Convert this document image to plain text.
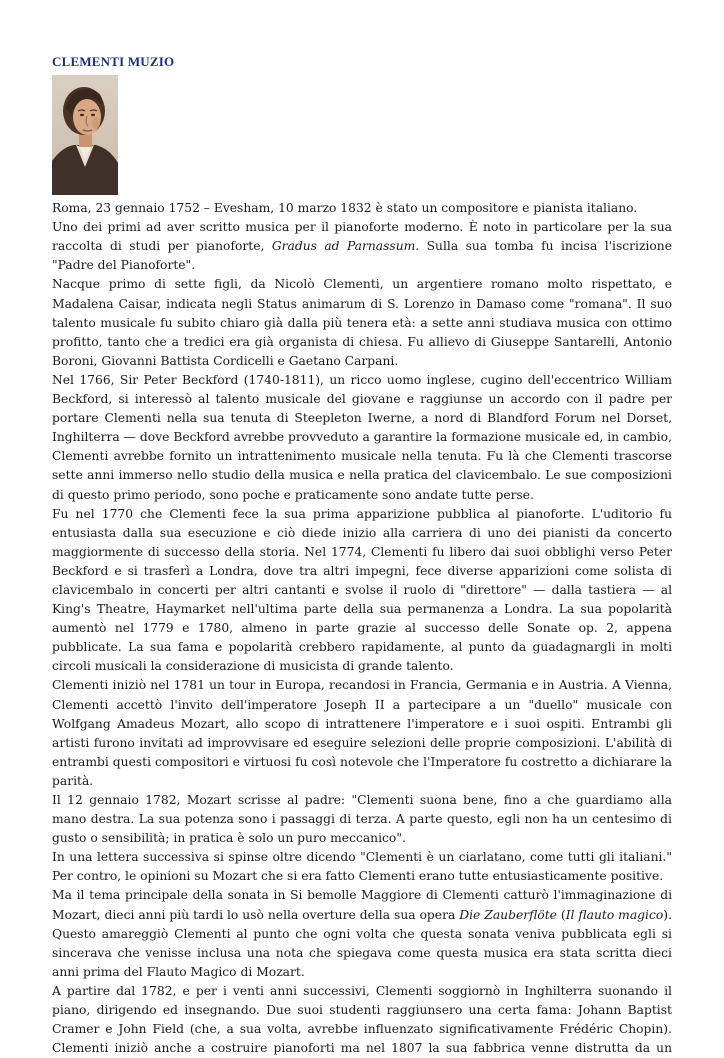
CLEMENTI MUZIO

Roma, 23 gennaio 1752 – Evesham, 10 marzo 1832 è stato un compositore e pianista italiano.

Uno dei primi ad aver scritto musica per il pianoforte moderno. È noto in particolare per la sua raccolta di studi per pianoforte, Gradus ad Parnassum. Sulla sua tomba fu incisa l'iscrizione "Padre del Pianoforte".

Nacque primo di sette figli, da Nicolò Clementi, un argentiere romano molto rispettato, e Madalena Caisar, indicata negli Status animarum di S. Lorenzo in Damaso come "romana". Il suo talento musicale fu subito chiaro già dalla più tenera età: a sette anni studiava musica con ottimo profitto, tanto che a tredici era già organista di chiesa. Fu allievo di Giuseppe Santarelli, Antonio Boroni, Giovanni Battista Cordicelli e Gaetano Carpani.

Nel 1766, Sir Peter Beckford (1740-1811), un ricco uomo inglese, cugino dell'eccentrico William Beckford, si interessò al talento musicale del giovane e raggiunse un accordo con il padre per portare Clementi nella sua tenuta di Steepleton Iwerne, a nord di Blandford Forum nel Dorset, Inghilterra — dove Beckford avrebbe provveduto a garantire la formazione musicale ed, in cambio, Clementi avrebbe fornito un intrattenimento musicale nella tenuta. Fu là che Clementi trascorse sette anni immerso nello studio della musica e nella pratica del clavicembalo. Le sue composizioni di questo primo periodo, sono poche e praticamente sono andate tutte perse.

Fu nel 1770 che Clementi fece la sua prima apparizione pubblica al pianoforte. L'uditorio fu entusiasta dalla sua esecuzione e ciò diede inizio alla carriera di uno dei pianisti da concerto maggiormente di successo della storia. Nel 1774, Clementi fu libero dai suoi obblighi verso Peter Beckford e si trasferì a Londra, dove tra altri impegni, fece diverse apparizioni come solista di clavicembalo in concerti per altri cantanti e svolse il ruolo di "direttore" — dalla tastiera — al King's Theatre, Haymarket nell'ultima parte della sua permanenza a Londra. La sua popolarità aumentò nel 1779 e 1780, almeno in parte grazie al successo delle Sonate op. 2, appena pubblicate. La sua fama e popolarità crebbero rapidamente, al punto da guadagnargli in molti circoli musicali la considerazione di musicista di grande talento.

Clementi iniziò nel 1781 un tour in Europa, recandosi in Francia, Germania e in Austria. A Vienna, Clementi accettò l'invito dell'imperatore Joseph II a partecipare a un "duello" musicale con Wolfgang Amadeus Mozart, allo scopo di intrattenere l'imperatore e i suoi ospiti. Entrambi gli artisti furono invitati ad improvvisare ed eseguire selezioni delle proprie composizioni. L'abilità di entrambi questi compositori e virtuosi fu così notevole che l'Imperatore fu costretto a dichiarare la parità.

Il 12 gennaio 1782, Mozart scrisse al padre: "Clementi suona bene, fino a che guardiamo alla mano destra. La sua potenza sono i passaggi di terza. A parte questo, egli non ha un centesimo di gusto o sensibilità; in pratica è solo un puro meccanico".

In una lettera successiva si spinse oltre dicendo "Clementi è un ciarlatano, come tutti gli italiani." Per contro, le opinioni su Mozart che si era fatto Clementi erano tutte entusiasticamente positive.

Ma il tema principale della sonata in Si bemolle Maggiore di Clementi catturò l'immaginazione di Mozart, dieci anni più tardi lo usò nella overture della sua opera Die Zauberflöte (Il flauto magico). Questo amareggiò Clementi al punto che ogni volta che questa sonata veniva pubblicata egli si sincerava che venisse inclusa una nota che spiegava come questa musica era stata scritta dieci anni prima del Flauto Magico di Mozart.

A partire dal 1782, e per i venti anni successivi, Clementi soggiornò in Inghilterra suonando il piano, dirigendo ed insegnando. Due suoi studenti raggiunsero una certa fama: Johann Baptist Cramer e John Field (che, a sua volta, avrebbe influenzato significativamente Frédéric Chopin). Clementi iniziò anche a costruire pianoforti ma nel 1807 la sua fabbrica venne distrutta da un
